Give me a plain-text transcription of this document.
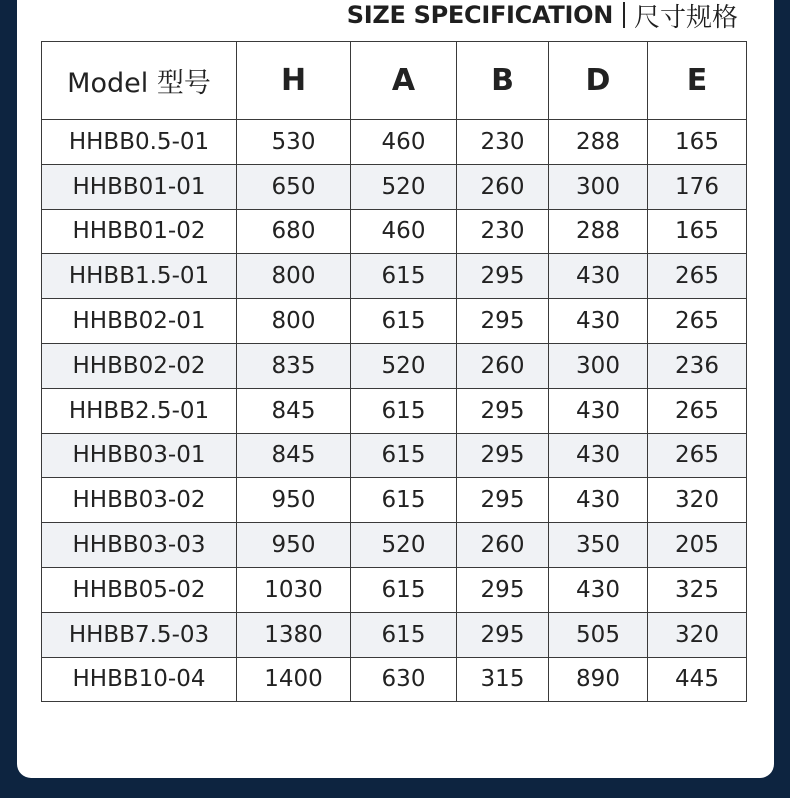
SIZE SPECIFICATION 尺寸规格
Model 型号	H	A	B	D	E
HHBB0.5-01	530	460	230	288	165
HHBB01-01	650	520	260	300	176
HHBB01-02	680	460	230	288	165
HHBB1.5-01	800	615	295	430	265
HHBB02-01	800	615	295	430	265
HHBB02-02	835	520	260	300	236
HHBB2.5-01	845	615	295	430	265
HHBB03-01	845	615	295	430	265
HHBB03-02	950	615	295	430	320
HHBB03-03	950	520	260	350	205
HHBB05-02	1030	615	295	430	325
HHBB7.5-03	1380	615	295	505	320
HHBB10-04	1400	630	315	890	445
